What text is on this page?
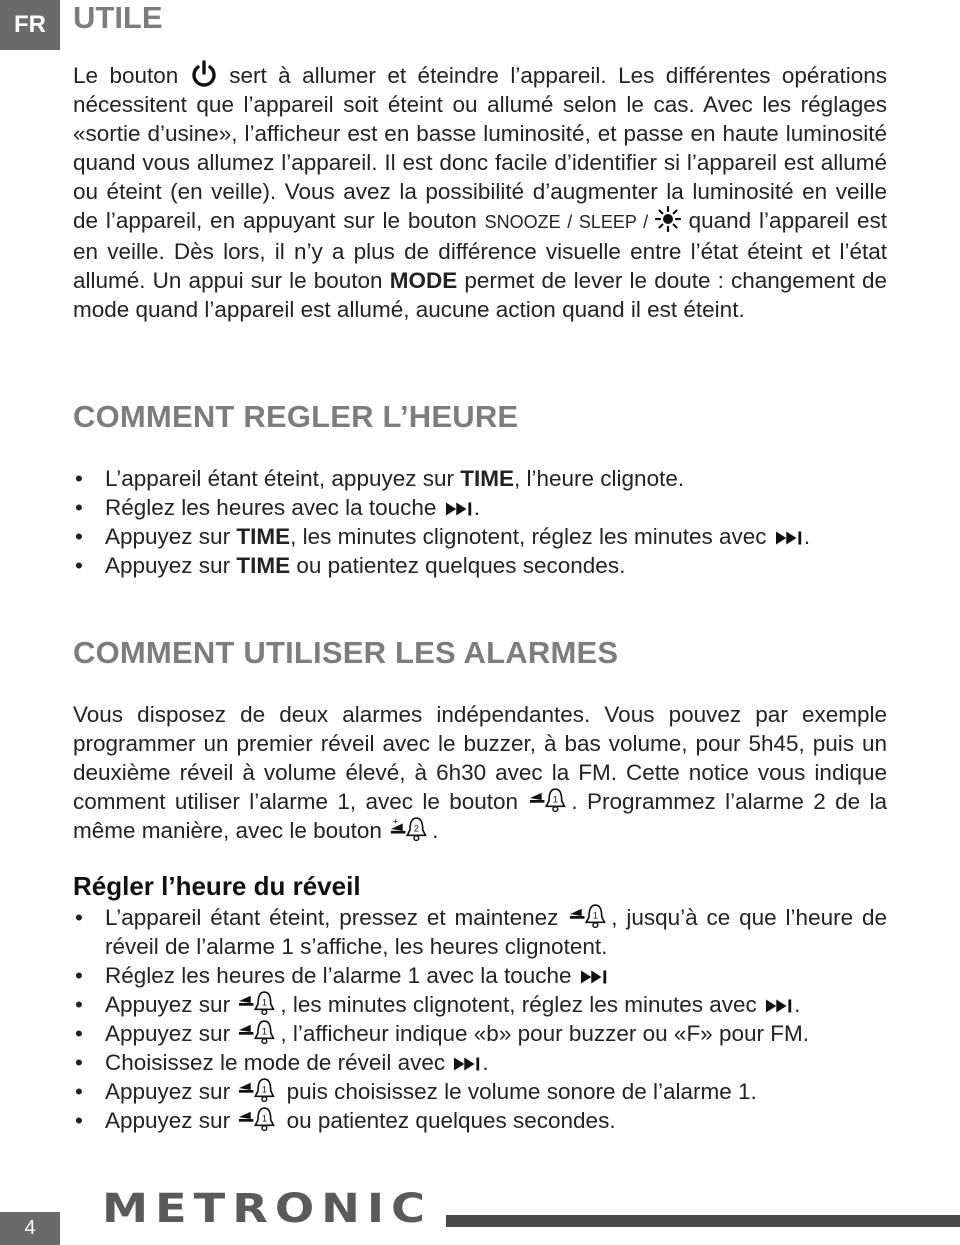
FR UTILE

Le bouton  sert à allumer et éteindre l’appareil. Les différentes opérations nécessitent que l’appareil soit éteint ou allumé selon le cas. Avec les réglages «sortie d’usine», l’afficheur est en basse luminosité, et passe en haute luminosité quand vous allumez l’appareil. Il est donc facile d’identifier si l’appareil est allumé ou éteint (en veille). Vous avez la possibilité d’augmenter la luminosité en veille de l’appareil, en appuyant sur le bouton SNOOZE / SLEEP /  quand l’appareil est en veille. Dès lors, il n’y a plus de différence visuelle entre l’état éteint et l’état allumé. Un appui sur le bouton MODE permet de lever le doute : changement de mode quand l’appareil est allumé, aucune action quand il est éteint.

COMMENT REGLER L’HEURE
• L’appareil étant éteint, appuyez sur TIME, l’heure clignote.
• Réglez les heures avec la touche .
• Appuyez sur TIME, les minutes clignotent, réglez les minutes avec .
• Appuyez sur TIME ou patientez quelques secondes.
COMMENT UTILISER LES ALARMES

Vous disposez de deux alarmes indépendantes. Vous pouvez par exemple programmer un premier réveil avec le buzzer, à bas volume, pour 5h45, puis un deuxième réveil à volume élevé, à 6h30 avec la FM. Cette notice vous indique comment utiliser l’alarme 1, avec le bouton . Programmez l’alarme 2 de la même manière, avec le bouton .

Régler l’heure du réveil
• L’appareil étant éteint, pressez et maintenez , jusqu’à ce que l’heure de réveil de l’alarme 1 s’affiche, les heures clignotent.
• Réglez les heures de l’alarme 1 avec la touche
• Appuyez sur , les minutes clignotent, réglez les minutes avec .
• Appuyez sur , l’afficheur indique «b» pour buzzer ou «F» pour FM.
• Choisissez le mode de réveil avec .
• Appuyez sur  puis choisissez le volume sonore de l’alarme 1.
• Appuyez sur  ou patientez quelques secondes.
4	METRONIC
